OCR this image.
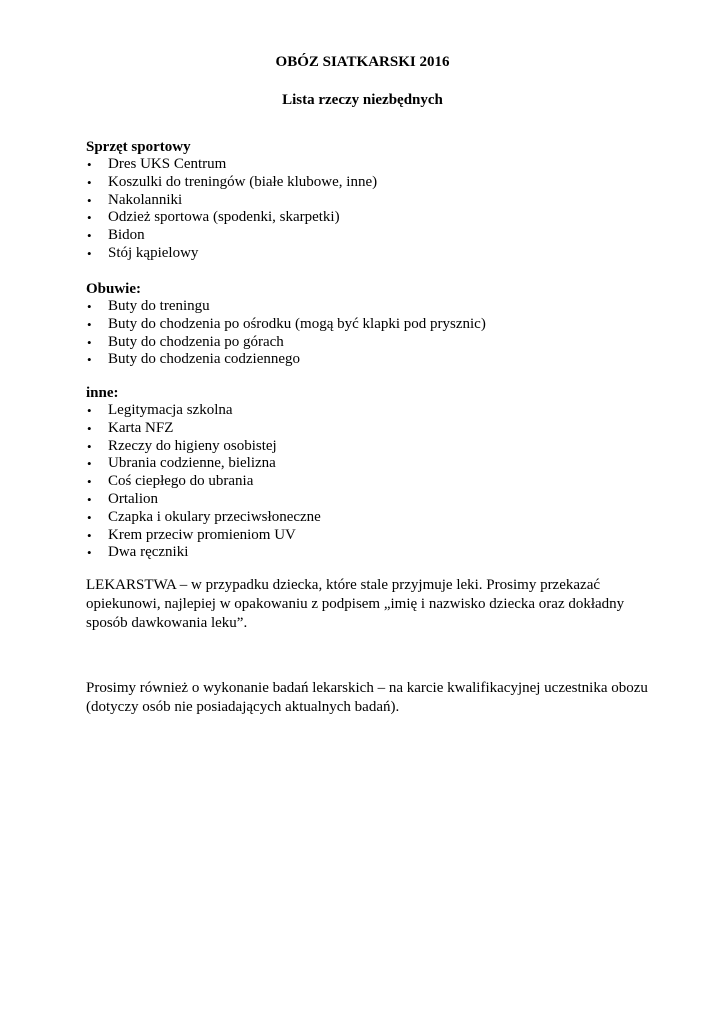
OBÓZ SIATKARSKI 2016
Lista rzeczy niezbędnych
Sprzęt sportowy
• Dres UKS Centrum
• Koszulki do treningów (białe klubowe, inne)
• Nakolanniki
• Odzież sportowa (spodenki, skarpetki)
• Bidon
• Stój kąpielowy
Obuwie:
• Buty do treningu
• Buty do chodzenia po ośrodku (mogą być klapki pod prysznic)
• Buty do chodzenia po górach
• Buty do chodzenia codziennego
inne:
• Legitymacja szkolna
• Karta NFZ
• Rzeczy do higieny osobistej
• Ubrania codzienne, bielizna
• Coś ciepłego do ubrania
• Ortalion
• Czapka i okulary przeciwsłoneczne
• Krem przeciw promieniom UV
• Dwa ręczniki
LEKARSTWA – w przypadku dziecka, które stale przyjmuje leki. Prosimy przekazać
opiekunowi, najlepiej w opakowaniu z podpisem „imię i nazwisko dziecka oraz dokładny
sposób dawkowania leku”.
Prosimy również o wykonanie badań lekarskich – na karcie kwalifikacyjnej uczestnika obozu
(dotyczy osób nie posiadających aktualnych badań).
